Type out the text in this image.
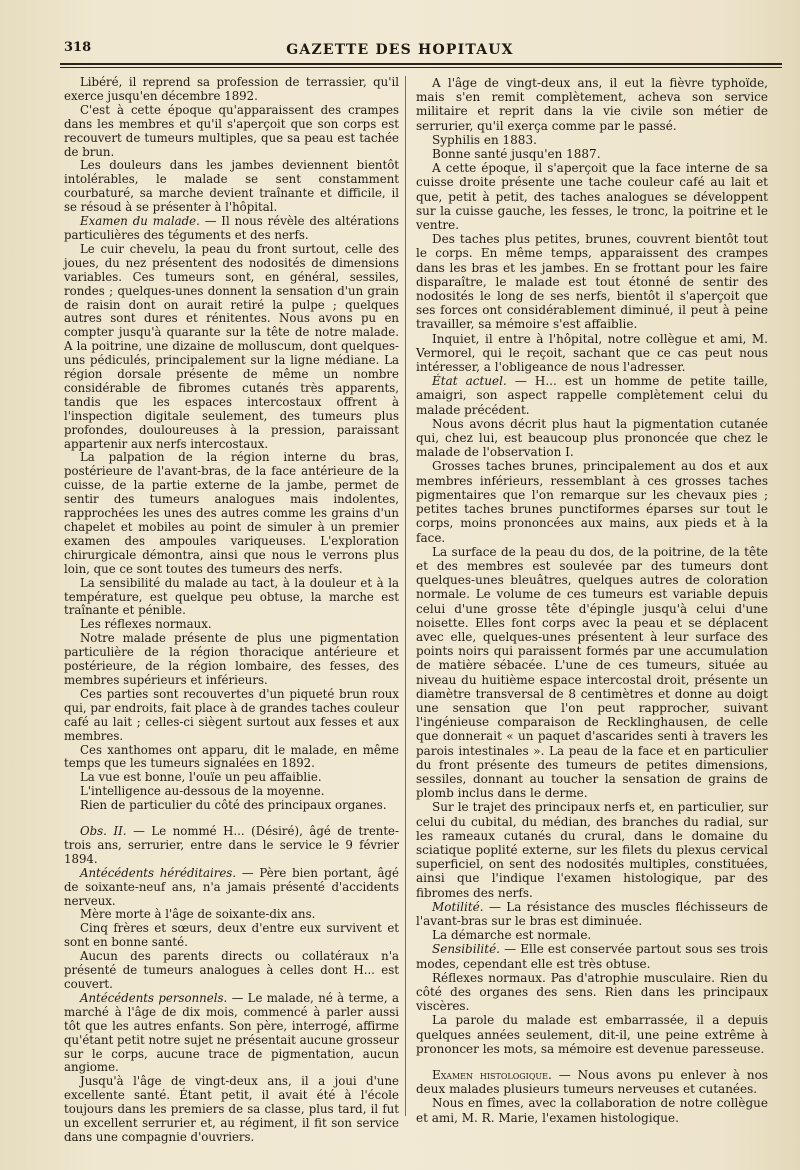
318	GAZETTE DES HOPITAUX

Libéré, il reprend sa profession de terrassier, qu'il exerce jusqu'en décembre 1892.

C'est à cette époque qu'apparaissent des crampes dans les membres et qu'il s'aperçoit que son corps est recouvert de tumeurs multiples, que sa peau est tachée de brun.

Les douleurs dans les jambes deviennent bientôt intolérables, le malade se sent constamment courbaturé, sa marche devient traînante et difficile, il se résoud à se présenter à l'hôpital.

Examen du malade. — Il nous révèle des altérations particulières des téguments et des nerfs.

Le cuir chevelu, la peau du front surtout, celle des joues, du nez présentent des nodosités de dimensions variables. Ces tumeurs sont, en général, sessiles, rondes ; quelques-unes donnent la sensation d'un grain de raisin dont on aurait retiré la pulpe ; quelques autres sont dures et rénitentes. Nous avons pu en compter jusqu'à quarante sur la tête de notre malade. A la poitrine, une dizaine de molluscum, dont quelques-uns pédiculés, principalement sur la ligne médiane. La région dorsale présente de même un nombre considérable de fibromes cutanés très apparents, tandis que les espaces intercostaux offrent à l'inspection digitale seulement, des tumeurs plus profondes, douloureuses à la pression, paraissant appartenir aux nerfs intercostaux.

La palpation de la région interne du bras, postérieure de l'avant-bras, de la face antérieure de la cuisse, de la partie externe de la jambe, permet de sentir des tumeurs analogues mais indolentes, rapprochées les unes des autres comme les grains d'un chapelet et mobiles au point de simuler à un premier examen des ampoules variqueuses. L'exploration chirurgicale démontra, ainsi que nous le verrons plus loin, que ce sont toutes des tumeurs des nerfs.

La sensibilité du malade au tact, à la douleur et à la température, est quelque peu obtuse, la marche est traînante et pénible.

Les réflexes normaux.

Notre malade présente de plus une pigmentation particulière de la région thoracique antérieure et postérieure, de la région lombaire, des fesses, des membres supérieurs et inférieurs.

Ces parties sont recouvertes d'un piqueté brun roux qui, par endroits, fait place à de grandes taches couleur café au lait ; celles-ci siègent surtout aux fesses et aux membres.

Ces xanthomes ont apparu, dit le malade, en même temps que les tumeurs signalées en 1892.

La vue est bonne, l'ouïe un peu affaiblie.

L'intelligence au-dessous de la moyenne.

Rien de particulier du côté des principaux organes.

Obs. II. — Le nommé H... (Désiré), âgé de trente-trois ans, serrurier, entre dans le service le 9 février 1894.

Antécédents héréditaires. — Père bien portant, âgé de soixante-neuf ans, n'a jamais présenté d'accidents nerveux.

Mère morte à l'âge de soixante-dix ans.

Cinq frères et sœurs, deux d'entre eux survivent et sont en bonne santé.

Aucun des parents directs ou collatéraux n'a présenté de tumeurs analogues à celles dont H... est couvert.

Antécédents personnels. — Le malade, né à terme, a marché à l'âge de dix mois, commencé à parler aussi tôt que les autres enfants. Son père, interrogé, affirme qu'étant petit notre sujet ne présentait aucune grosseur sur le corps, aucune trace de pigmentation, aucun angiome.

Jusqu'à l'âge de vingt-deux ans, il a joui d'une excellente santé. Étant petit, il avait été à l'école toujours dans les premiers de sa classe, plus tard, il fut un excellent serrurier et, au régiment, il fit son service dans une compagnie d'ouvriers.

A l'âge de vingt-deux ans, il eut la fièvre typhoïde, mais s'en remit complètement, acheva son service militaire et reprit dans la vie civile son métier de serrurier, qu'il exerça comme par le passé.

Syphilis en 1883.

Bonne santé jusqu'en 1887.

A cette époque, il s'aperçoit que la face interne de sa cuisse droite présente une tache couleur café au lait et que, petit à petit, des taches analogues se développent sur la cuisse gauche, les fesses, le tronc, la poitrine et le ventre.

Des taches plus petites, brunes, couvrent bientôt tout le corps. En même temps, apparaissent des crampes dans les bras et les jambes. En se frottant pour les faire disparaître, le malade est tout étonné de sentir des nodosités le long de ses nerfs, bientôt il s'aperçoit que ses forces ont considérablement diminué, il peut à peine travailler, sa mémoire s'est affaiblie.

Inquiet, il entre à l'hôpital, notre collègue et ami, M. Vermorel, qui le reçoit, sachant que ce cas peut nous intéresser, a l'obligeance de nous l'adresser.

État actuel. — H... est un homme de petite taille, amaigri, son aspect rappelle complètement celui du malade précédent.

Nous avons décrit plus haut la pigmentation cutanée qui, chez lui, est beaucoup plus prononcée que chez le malade de l'observation I.

Grosses taches brunes, principalement au dos et aux membres inférieurs, ressemblant à ces grosses taches pigmentaires que l'on remarque sur les chevaux pies ; petites taches brunes punctiformes éparses sur tout le corps, moins prononcées aux mains, aux pieds et à la face.

La surface de la peau du dos, de la poitrine, de la tête et des membres est soulevée par des tumeurs dont quelques-unes bleuâtres, quelques autres de coloration normale. Le volume de ces tumeurs est variable depuis celui d'une grosse tête d'épingle jusqu'à celui d'une noisette. Elles font corps avec la peau et se déplacent avec elle, quelques-unes présentent à leur surface des points noirs qui paraissent formés par une accumulation de matière sébacée. L'une de ces tumeurs, située au niveau du huitième espace intercostal droit, présente un diamètre transversal de 8 centimètres et donne au doigt une sensation que l'on peut rapprocher, suivant l'ingénieuse comparaison de Recklinghausen, de celle que donnerait « un paquet d'ascarides senti à travers les parois intestinales ». La peau de la face et en particulier du front présente des tumeurs de petites dimensions, sessiles, donnant au toucher la sensation de grains de plomb inclus dans le derme.

Sur le trajet des principaux nerfs et, en particulier, sur celui du cubital, du médian, des branches du radial, sur les rameaux cutanés du crural, dans le domaine du sciatique poplité externe, sur les filets du plexus cervical superficiel, on sent des nodosités multiples, constituées, ainsi que l'indique l'examen histologique, par des fibromes des nerfs.

Motilité. — La résistance des muscles fléchisseurs de l'avant-bras sur le bras est diminuée.

La démarche est normale.

Sensibilité. — Elle est conservée partout sous ses trois modes, cependant elle est très obtuse.

Réflexes normaux. Pas d'atrophie musculaire. Rien du côté des organes des sens. Rien dans les principaux viscères.

La parole du malade est embarrassée, il a depuis quelques années seulement, dit-il, une peine extrême à prononcer les mots, sa mémoire est devenue paresseuse.

Examen histologique. — Nous avons pu enlever à nos deux malades plusieurs tumeurs nerveuses et cutanées.

Nous en fîmes, avec la collaboration de notre collègue et ami, M. R. Marie, l'examen histologique.
